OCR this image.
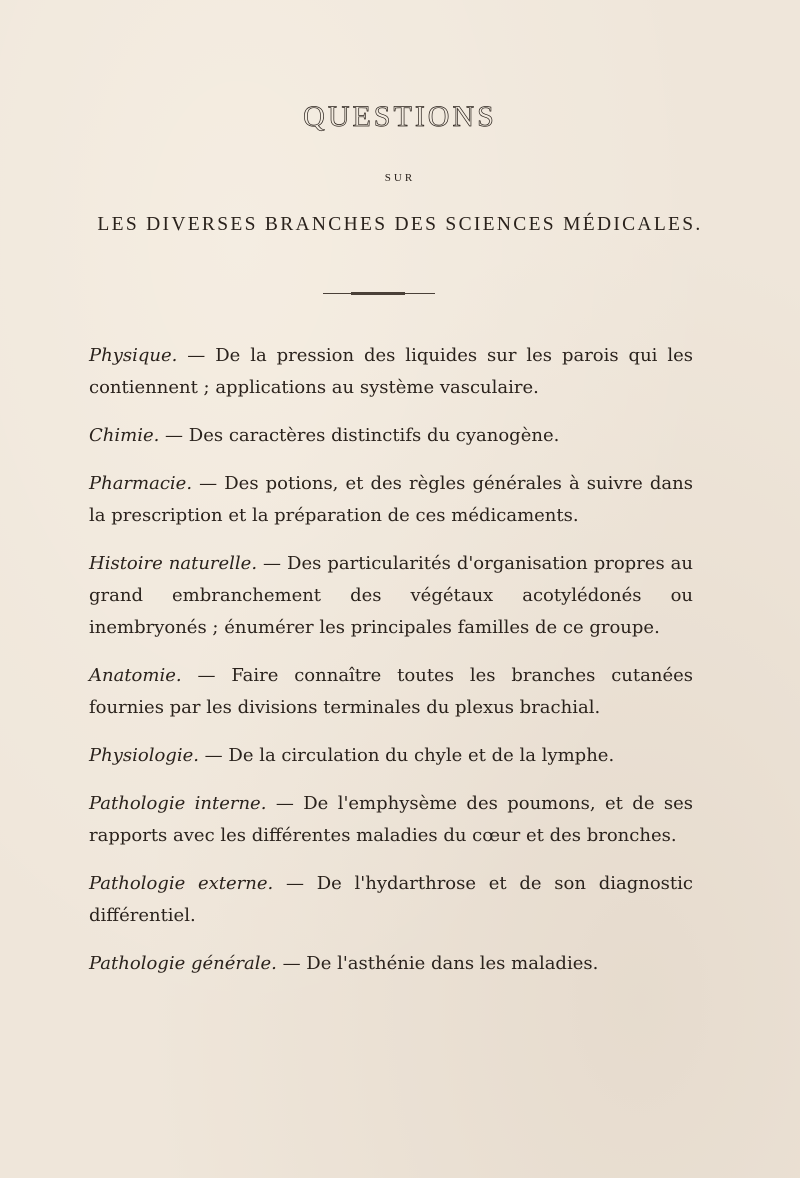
QUESTIONS
SUR
LES DIVERSES BRANCHES DES SCIENCES MÉDICALES.

Physique. — De la pression des liquides sur les parois qui les contiennent ; applications au système vasculaire.

Chimie. — Des caractères distinctifs du cyanogène.

Pharmacie. — Des potions, et des règles générales à suivre dans la prescription et la préparation de ces médicaments.

Histoire naturelle. — Des particularités d'organisation propres au grand embranchement des végétaux acotylédonés ou inembryonés ; énumérer les principales familles de ce groupe.

Anatomie. — Faire connaître toutes les branches cutanées fournies par les divisions terminales du plexus brachial.

Physiologie. — De la circulation du chyle et de la lymphe.

Pathologie interne. — De l'emphysème des poumons, et de ses rapports avec les différentes maladies du cœur et des bronches.

Pathologie externe. — De l'hydarthrose et de son diagnostic différentiel.

Pathologie générale. — De l'asthénie dans les maladies.
